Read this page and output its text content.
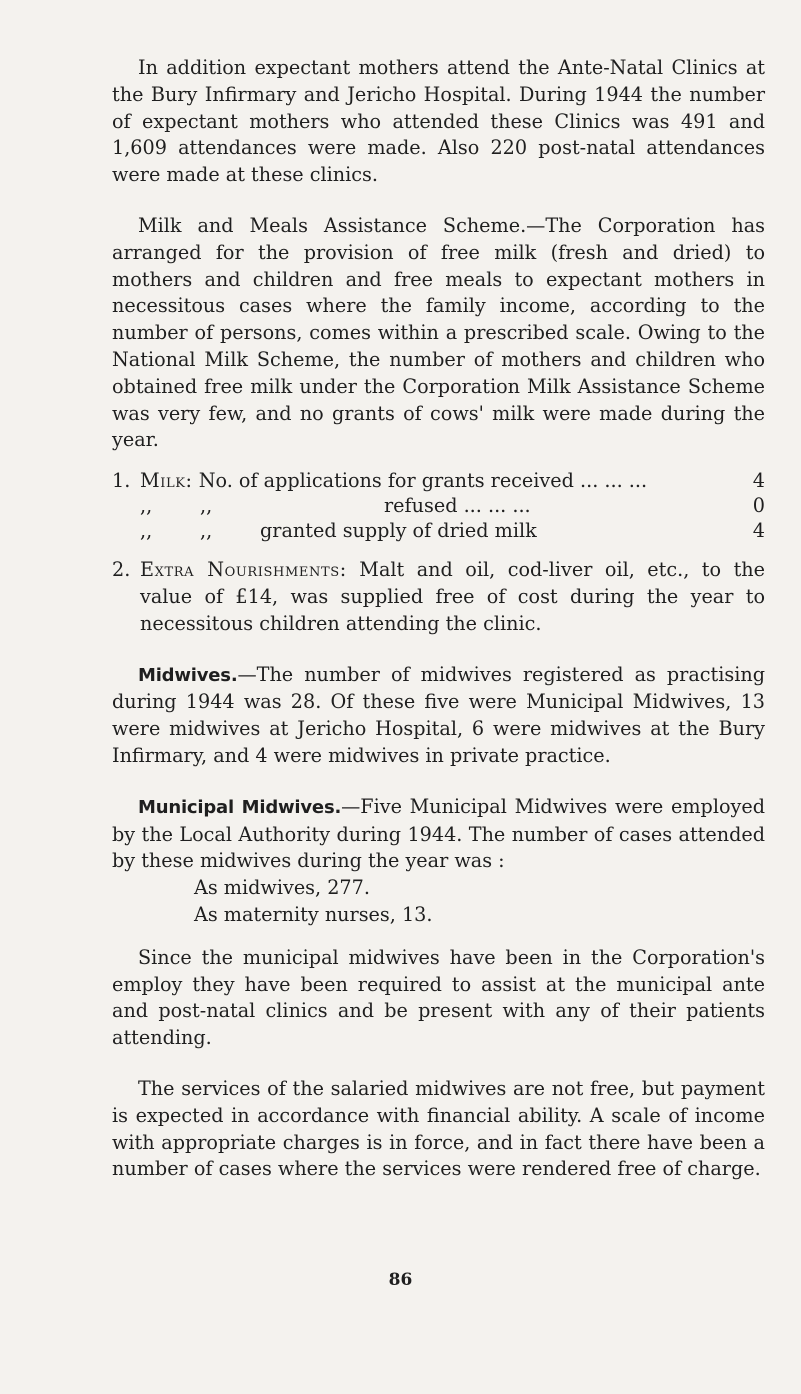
In addition expectant mothers attend the Ante-Natal Clinics at the Bury Infirmary and Jericho Hospital. During 1944 the number of expectant mothers who attended these Clinics was 491 and 1,609 attendances were made. Also 220 post-natal attendances were made at these clinics.

Milk and Meals Assistance Scheme.—The Corporation has arranged for the provision of free milk (fresh and dried) to mothers and children and free meals to expectant mothers in necessitous cases where the family income, according to the number of persons, comes within a prescribed scale. Owing to the National Milk Scheme, the number of mothers and children who obtained free milk under the Corporation Milk Assistance Scheme was very few, and no grants of cows' milk were made during the year.

1. Milk: No. of applications for grants received ... ... ...	4
,, ,,	refused ... ... ...	0
,, ,, granted supply of dried milk	4
2. Extra Nourishments: Malt and oil, cod-liver oil, etc., to the value of £14, was supplied free of cost during the year to necessitous children attending the clinic.

Midwives.—The number of midwives registered as practising during 1944 was 28. Of these five were Municipal Midwives, 13 were midwives at Jericho Hospital, 6 were midwives at the Bury Infirmary, and 4 were midwives in private practice.

Municipal Midwives.—Five Municipal Midwives were employed by the Local Authority during 1944. The number of cases attended by these midwives during the year was :

As midwives, 277.

As maternity nurses, 13.

Since the municipal midwives have been in the Corporation's employ they have been required to assist at the municipal ante and post-natal clinics and be present with any of their patients attending.

The services of the salaried midwives are not free, but payment is expected in accordance with financial ability. A scale of income with appropriate charges is in force, and in fact there have been a number of cases where the services were rendered free of charge.

86
